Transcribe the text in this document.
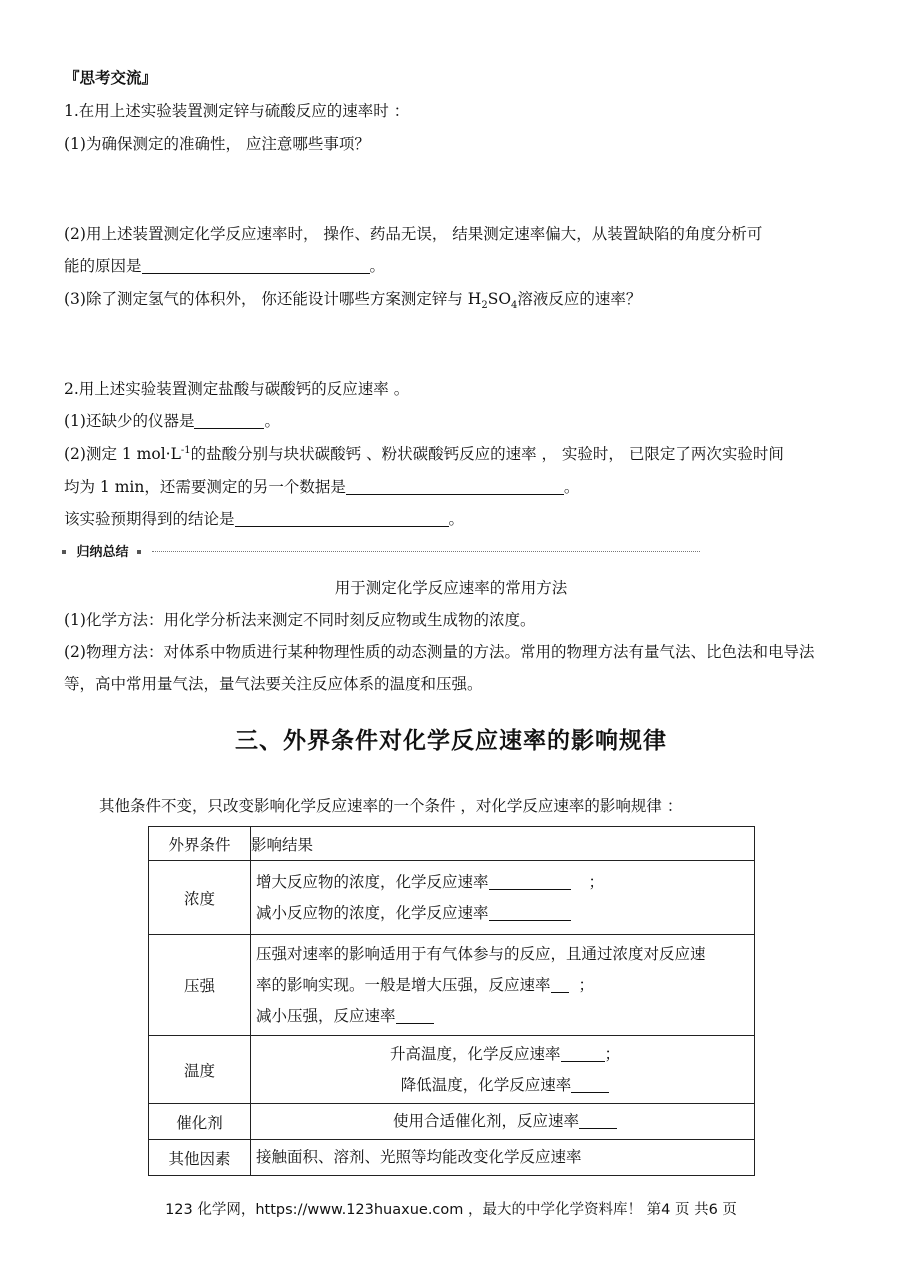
『思考交流』
1.在用上述实验装置测定锌与硫酸反应的速率时 ：
(1)为确保测定的准确性， 应注意哪些事项？
(2)用上述装置测定化学反应速率时， 操作、药品无误， 结果测定速率偏大，从装置缺陷的角度分析可
能的原因是	。
(3)除了测定氢气的体积外， 你还能设计哪些方案测定锌与 $H_2SO_4$溶液反应的速率？
2.用上述实验装置测定盐酸与碳酸钙的反应速率 。
(1)还缺少的仪器是	。
(2)测定 1 $mol\cdot L^{-1}$的盐酸分别与块状碳酸钙 、粉状碳酸钙反应的速率 ， 实验时， 已限定了两次实验时间
均为 1 min，还需要测定的另一个数据是	。
该实验预期得到的结论是	。
归纳总结
用于测定化学反应速率的常用方法
(1)化学方法：用化学分析法来测定不同时刻反应物或生成物的浓度。
(2)物理方法：对体系中物质进行某种物理性质的动态测量的方法。常用的物理方法有量气法、比色法和电导法
等，高中常用量气法，量气法要关注反应体系的温度和压强。
三、外界条件对化学反应速率的影响规律
其他条件不变，只改变影响化学反应速率的一个条件 ，对化学反应速率的影响规律 ：
外界条件	影响结果
浓度	增大反应物的浓度，化学反应速率 ；
减小反应物的浓度，化学反应速率

压强	压强对速率的影响适用于有气体参与的反应，且通过浓度对反应速
率的影响实现。一般是增大压强，反应速率 ；
减小压强，反应速率

温度	升高温度，化学反应速率 ；
降低温度，化学反应速率

催化剂	使用合适催化剂，反应速率

其他因素	接触面积、溶剂、光照等均能改变化学反应速率
123 化学网，https://www.123huaxue.com ，最大的中学化学资料库！ 第4 页 共6 页
